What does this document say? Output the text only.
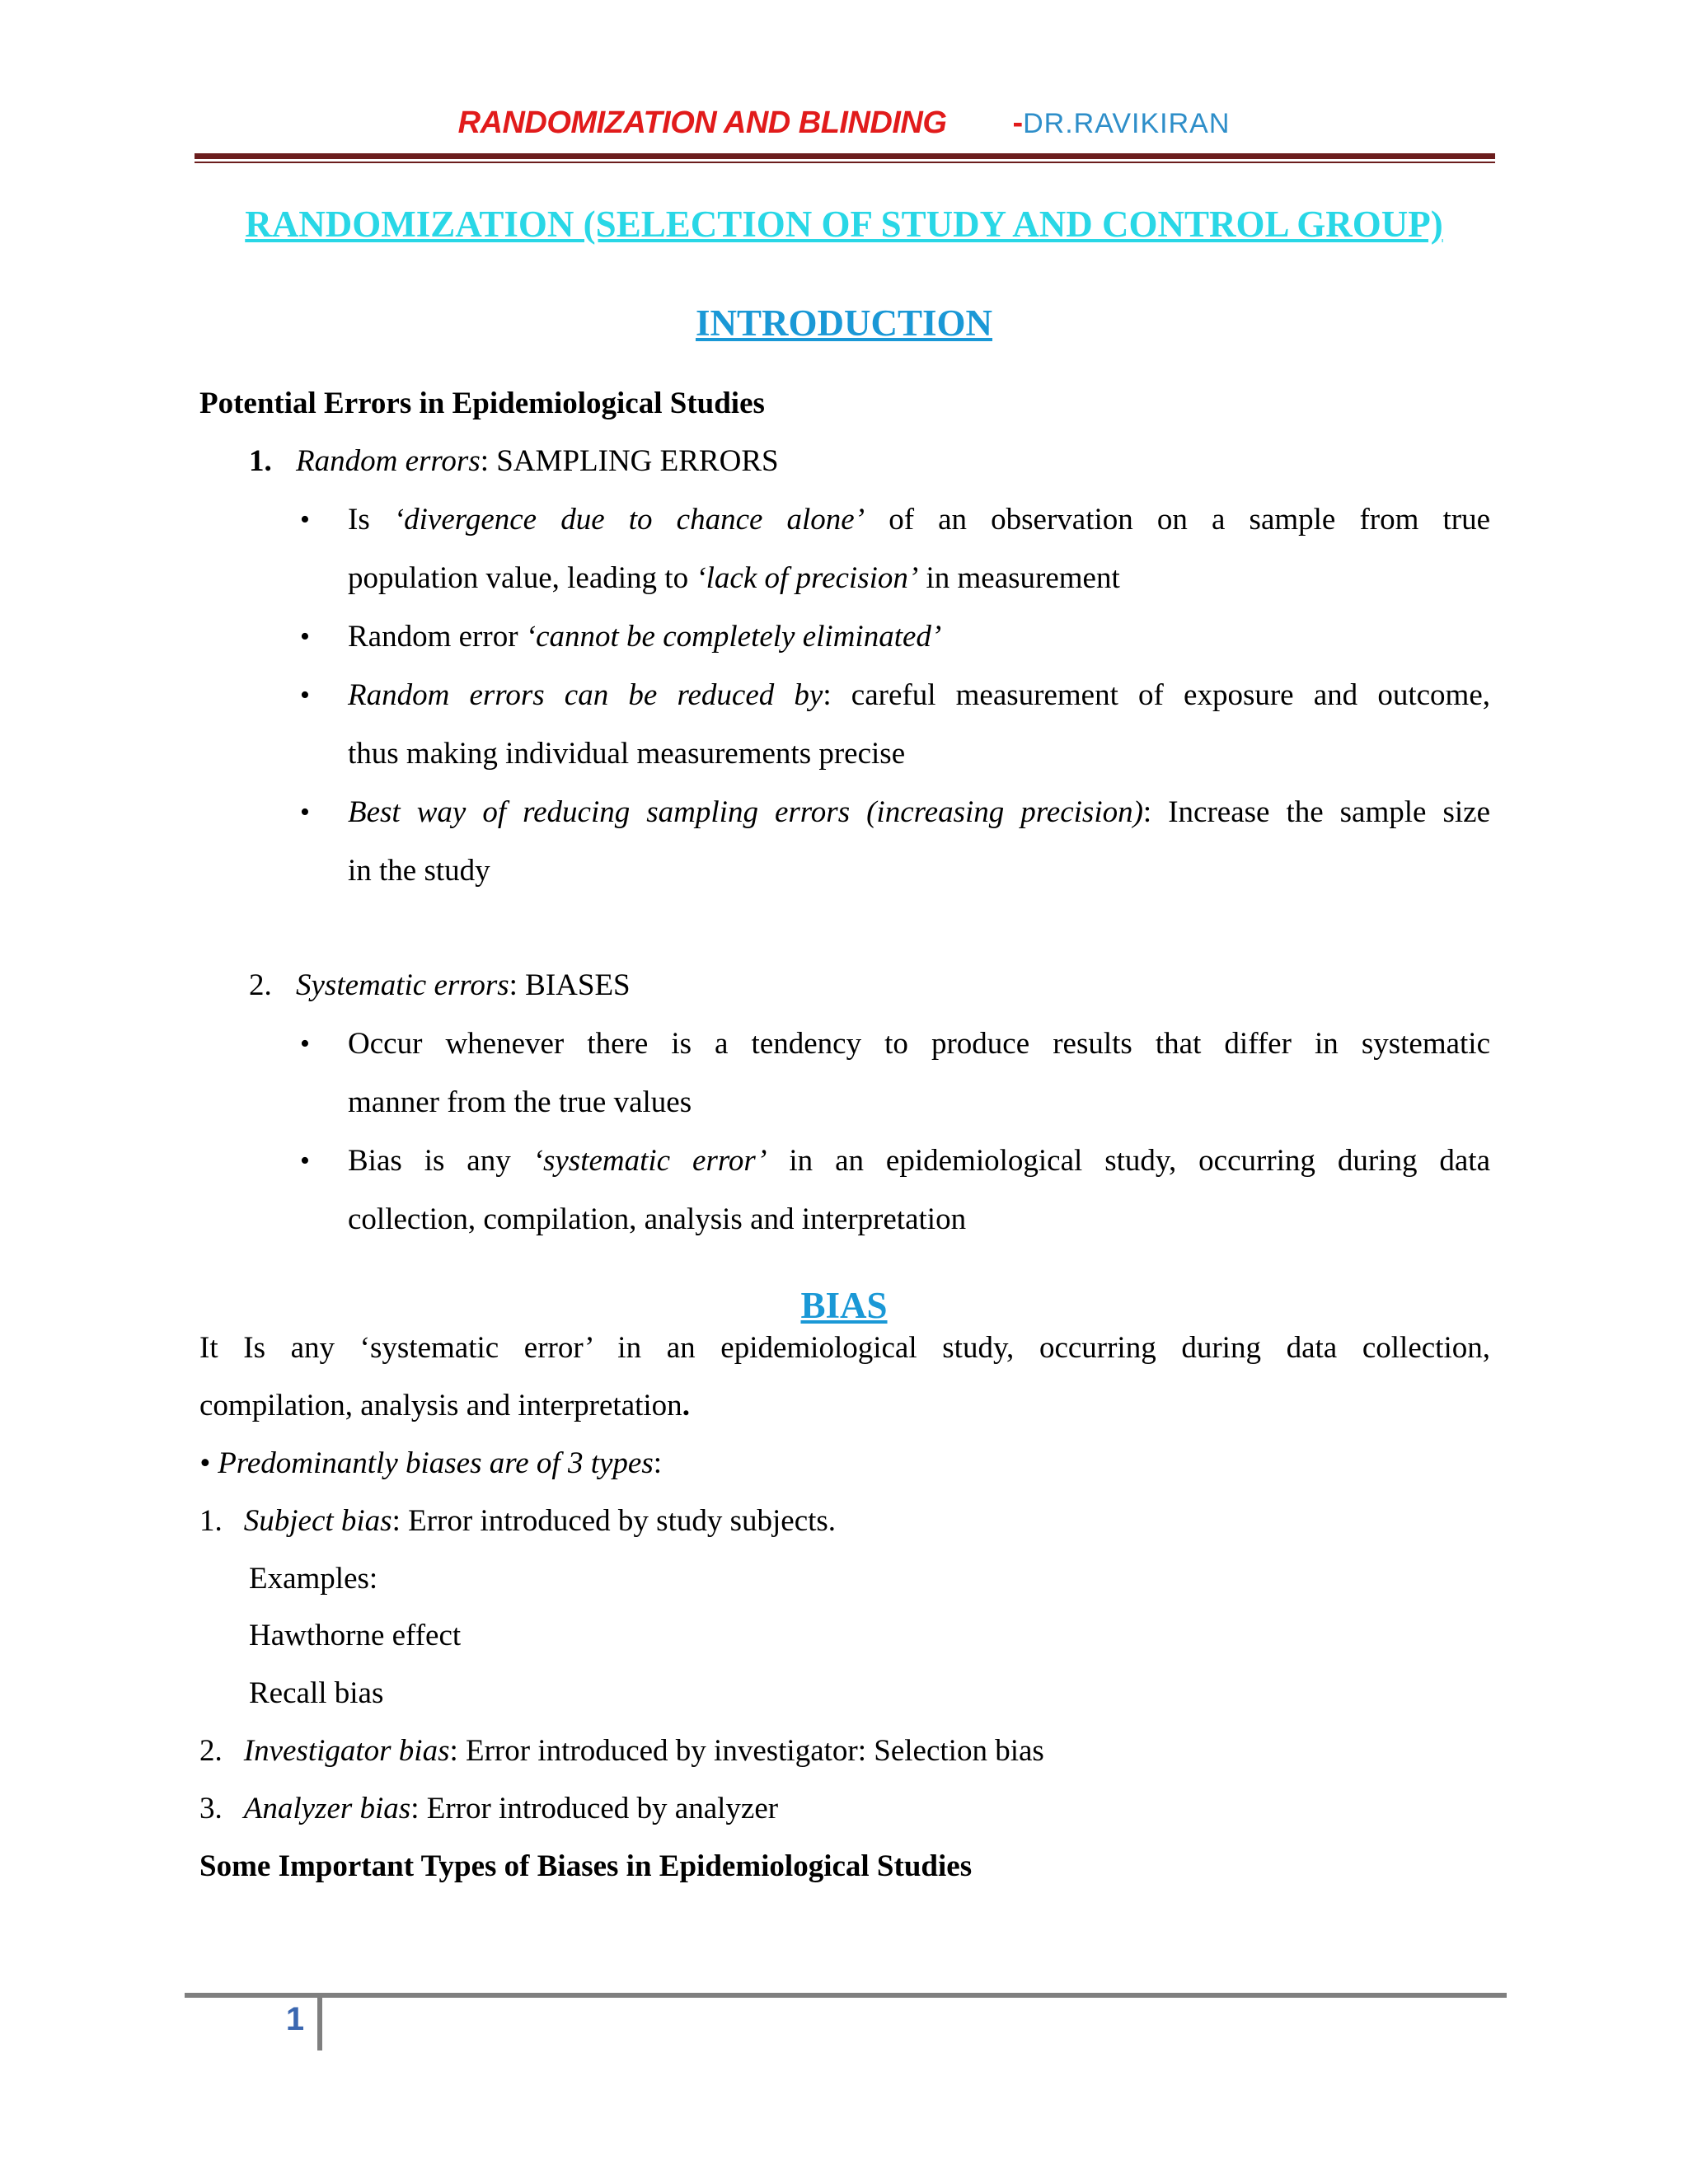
RANDOMIZATION AND BLINDING -DR.RAVIKIRAN
RANDOMIZATION (SELECTION OF STUDY AND CONTROL GROUP)
INTRODUCTION
Potential Errors in Epidemiological Studies
1. Random errors: SAMPLING ERRORS
• Is ‘divergence due to chance alone’ of an observation on a sample from true
population value, leading to ‘lack of precision’ in measurement
• Random error ‘cannot be completely eliminated’
• Random errors can be reduced by: careful measurement of exposure and outcome,
thus making individual measurements precise
• Best way of reducing sampling errors (increasing precision): Increase the sample size
in the study
2. Systematic errors: BIASES
• Occur whenever there is a tendency to produce results that differ in systematic
manner from the true values
• Bias is any ‘systematic error’ in an epidemiological study, occurring during data
collection, compilation, analysis and interpretation
BIAS
It Is any ‘systematic error’ in an epidemiological study, occurring during data collection,
compilation, analysis and interpretation.
• Predominantly biases are of 3 types:
1. Subject bias: Error introduced by study subjects.
Examples:
Hawthorne effect
Recall bias
2. Investigator bias: Error introduced by investigator: Selection bias
3. Analyzer bias: Error introduced by analyzer
Some Important Types of Biases in Epidemiological Studies
1
